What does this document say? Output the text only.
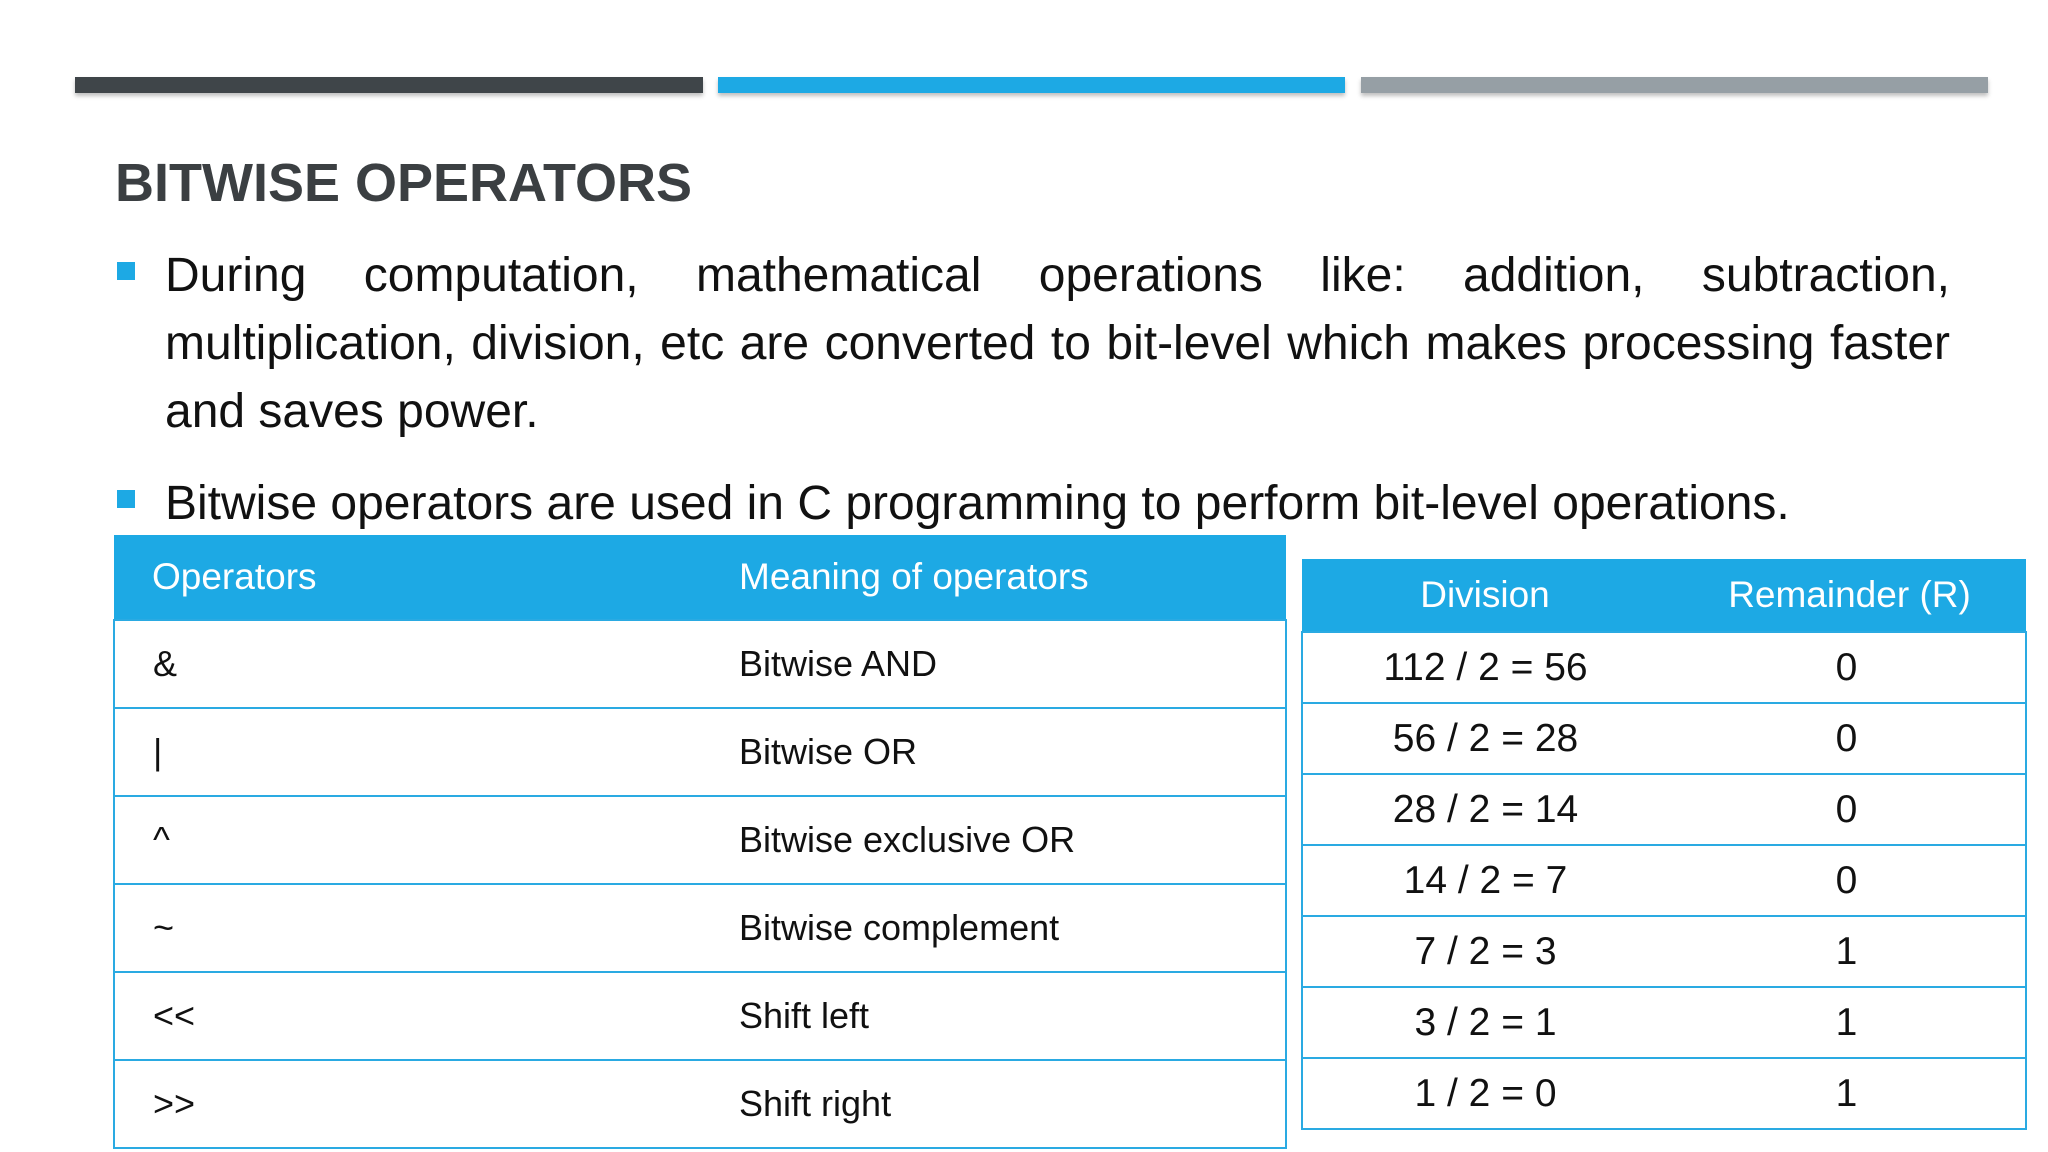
BITWISE OPERATORS
During computation, mathematical operations like: addition, subtraction, multiplication, division, etc are converted to bit-level which makes processing faster and saves power.
Bitwise operators are used in C programming to perform bit-level operations.
Operators	Meaning of operators
&	Bitwise AND
|	Bitwise OR
^	Bitwise exclusive OR
~	Bitwise complement
<<	Shift left
>>	Shift right
Division	Remainder (R)
112 / 2 = 56	0
56 / 2 = 28	0
28 / 2 = 14	0
14 / 2 = 7	0
7 / 2 = 3	1
3 / 2 = 1	1
1 / 2 = 0	1
